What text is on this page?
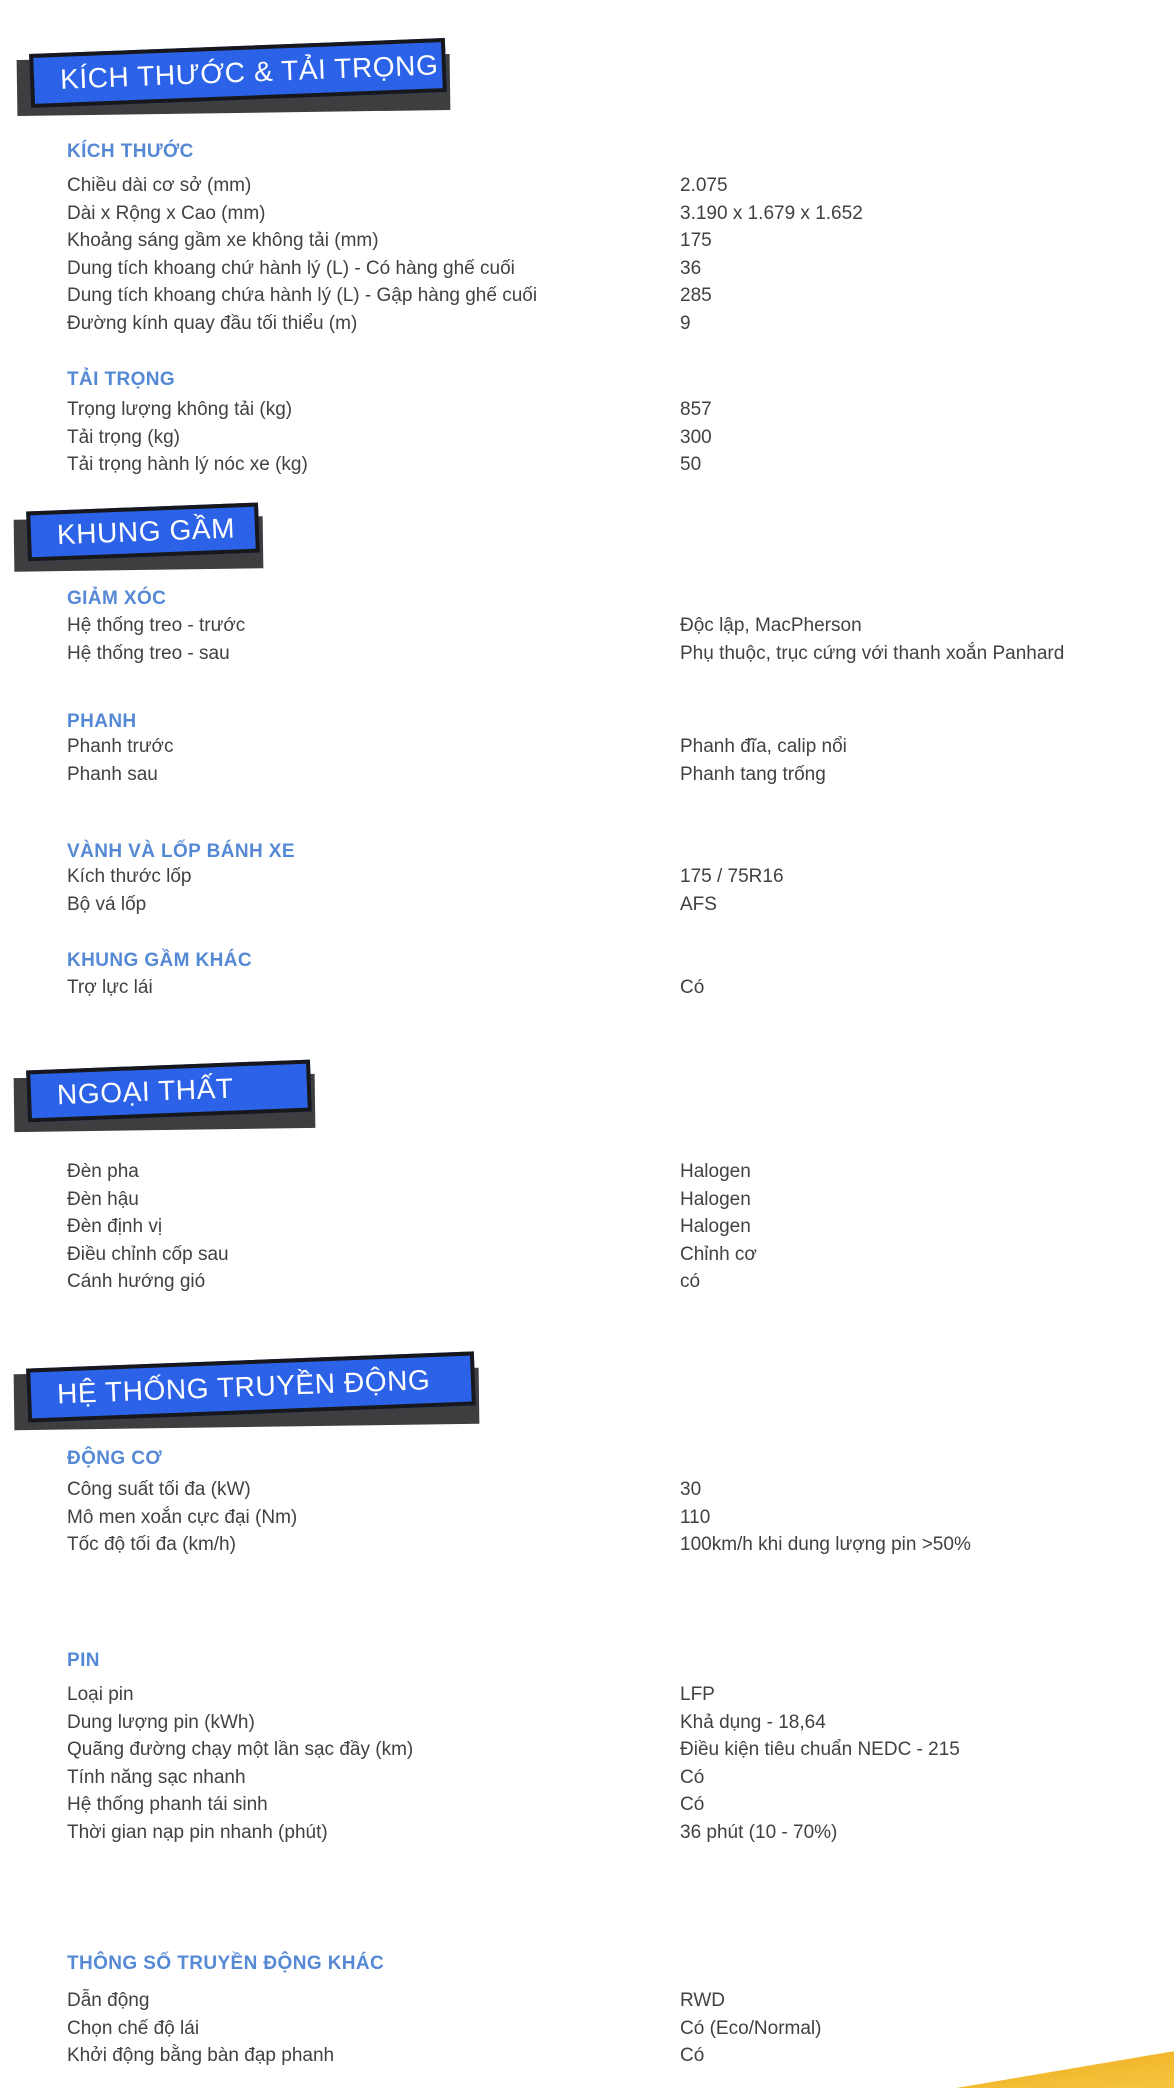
KÍCH THƯỚC & TẢI TRỌNG
KÍCH THƯỚC
Chiều dài cơ sở (mm)	2.075
Dài x Rộng x Cao (mm)	3.190 x 1.679 x 1.652
Khoảng sáng gầm xe không tải (mm)	175
Dung tích khoang chứ hành lý (L) - Có hàng ghế cuối	36
Dung tích khoang chứa hành lý (L) - Gập hàng ghế cuối	285
Đường kính quay đầu tối thiểu (m)	9
TẢI TRỌNG
Trọng lượng không tải (kg)	857
Tải trọng (kg)	300
Tải trọng hành lý nóc xe (kg)	50
KHUNG GẦM
GIẢM XÓC
Hệ thống treo - trước	Độc lập, MacPherson
Hệ thống treo - sau	Phụ thuộc, trục cứng với thanh xoắn Panhard
PHANH
Phanh trước	Phanh đĩa, calip nổi
Phanh sau	Phanh tang trống
VÀNH VÀ LỐP BÁNH XE
Kích thước lốp	175 / 75R16
Bộ vá lốp	AFS
KHUNG GẦM KHÁC
Trợ lực lái	Có
NGOẠI THẤT
Đèn pha	Halogen
Đèn hậu	Halogen
Đèn định vị	Halogen
Điều chỉnh cốp sau	Chỉnh cơ
Cánh hướng gió	có
HỆ THỐNG TRUYỀN ĐỘNG
ĐỘNG CƠ
Công suất tối đa (kW)	30
Mô men xoắn cực đại (Nm)	110
Tốc độ tối đa (km/h)	100km/h khi dung lượng pin >50%
PIN
Loại pin	LFP
Dung lượng pin (kWh)	Khả dụng - 18,64
Quãng đường chạy một lần sạc đầy (km)	Điều kiện tiêu chuẩn NEDC - 215
Tính năng sạc nhanh	Có
Hệ thống phanh tái sinh	Có
Thời gian nạp pin nhanh (phút)	36 phút (10 - 70%)
THÔNG SỐ TRUYỀN ĐỘNG KHÁC
Dẫn động	RWD
Chọn chế độ lái	Có (Eco/Normal)
Khởi động bằng bàn đạp phanh	Có
